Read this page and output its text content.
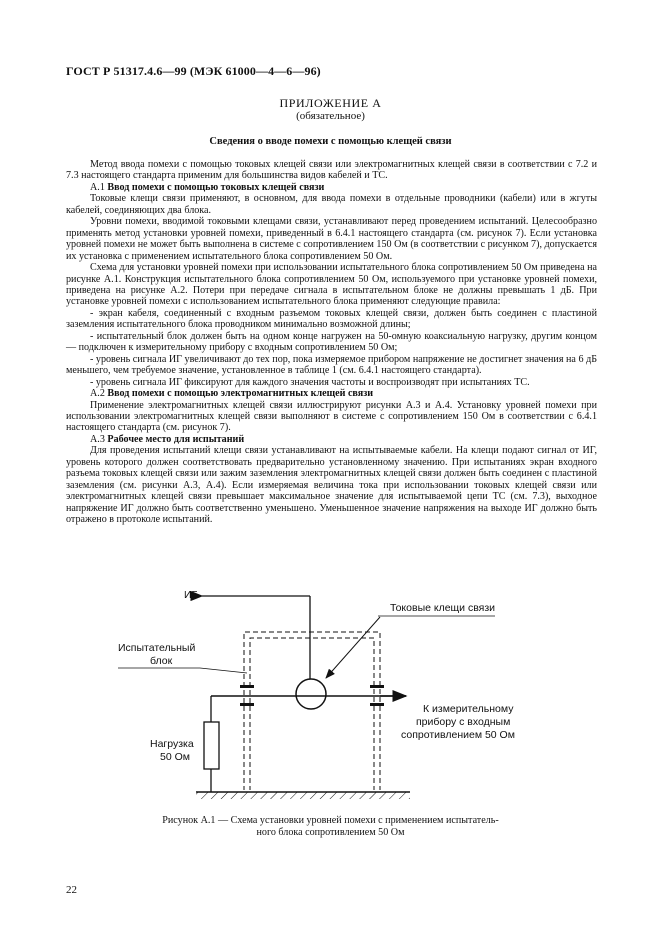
ГОСТ Р 51317.4.6—99 (МЭК 61000—4—6—96)
ПРИЛОЖЕНИЕ А
(обязательное)
Сведения о вводе помехи с помощью клещей связи

Метод ввода помехи с помощью токовых клещей связи или электромагнитных клещей связи в соответствии с 7.2 и 7.3 настоящего стандарта применим для большинства видов кабелей и ТС.

А.1 Ввод помехи с помощью токовых клещей связи

Токовые клещи связи применяют, в основном, для ввода помехи в отдельные проводники (кабели) или в жгуты кабелей, соединяющих два блока.

Уровни помехи, вводимой токовыми клещами связи, устанавливают перед проведением испытаний. Целесообразно применять метод установки уровней помехи, приведенный в 6.4.1 настоящего стандарта (см. рисунок 7). Если установка уровней помехи не может быть выполнена в системе с сопротивлением 150 Ом (в соответствии с рисунком 7), допускается их установка с применением испытательного блока сопротивлением 50 Ом.

Схема для установки уровней помехи при использовании испытательного блока сопротивлением 50 Ом приведена на рисунке А.1. Конструкция испытательного блока сопротивлением 50 Ом, используемого при установке уровней помехи, приведена на рисунке А.2. Потери при передаче сигнала в испытательном блоке не должны превышать 1 дБ. При установке уровней помехи с использованием испытательного блока применяют следующие правила:

- экран кабеля, соединенный с входным разъемом токовых клещей связи, должен быть соединен с пластиной заземления испытательного блока проводником минимально возможной длины;

- испытательный блок должен быть на одном конце нагружен на 50-омную коаксиальную нагрузку, другим концом — подключен к измерительному прибору с входным сопротивлением 50 Ом;

- уровень сигнала ИГ увеличивают до тех пор, пока измеряемое прибором напряжение не достигнет значения на 6 дБ меньшего, чем требуемое значение, установленное в таблице 1 (см. 6.4.1 настоящего стандарта).

- уровень сигнала ИГ фиксируют для каждого значения частоты и воспроизводят при испытаниях ТС.

А.2 Ввод помехи с помощью электромагнитных клещей связи

Применение электромагнитных клещей связи иллюстрируют рисунки А.3 и А.4. Установку уровней помехи при использовании электромагнитных клещей связи выполняют в системе с сопротивлением 150 Ом в соответствии с 6.4.1 настоящего стандарта (см. рисунок 7).

А.3 Рабочее место для испытаний

Для проведения испытаний клещи связи устанавливают на испытываемые кабели. На клещи подают сигнал от ИГ, уровень которого должен соответствовать предварительно установленному значению. При испытаниях экран входного разъема токовых клещей связи или зажим заземления электромагнитных клещей связи должен быть соединен с пластиной заземления (см. рисунки А.3, А.4). Если измеряемая величина тока при использовании токовых клещей связи или электромагнитных клещей связи превышает максимальное значение для испытываемой цепи ТС (см. 7.3), выходное напряжение ИГ должно быть соответственно уменьшено. Уменьшенное значение напряжения на выходе ИГ должно быть отражено в протоколе испытаний.

ИГ
Испытательный
блок
Токовые клещи связи
Нагрузка
50 Ом
К измерительному
прибору с входным
сопротивлением 50 Ом
Рисунок А.1 — Схема установки уровней помехи с применением испытатель-
ного блока сопротивлением 50 Ом
22
